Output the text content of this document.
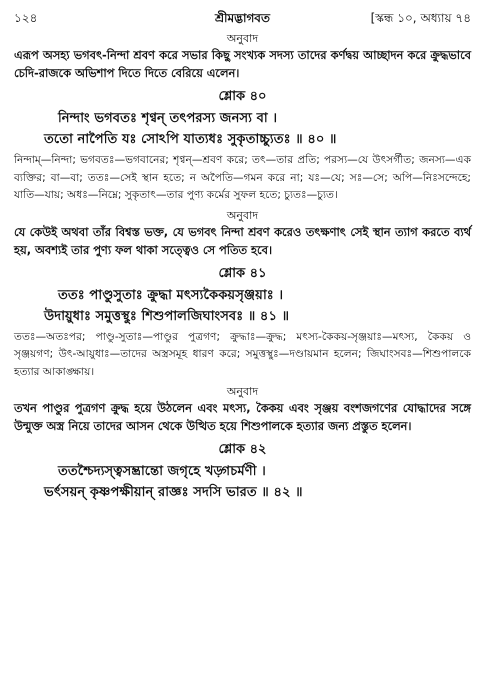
১২৪	শ্রীমদ্ভাগবত	[স্কন্ধ ১০, অধ্যায় ৭৪

অনুবাদ

এরূপ অসহ্য ভগবৎ-নিন্দা শ্রবণ করে সভার কিছু সংখ্যক সদস্য তাদের কর্ণদ্বয় আচ্ছাদন করে ক্রুদ্ধভাবে চেদি-রাজকে অভিশাপ দিতে দিতে বেরিয়ে এলেন।

শ্লোক ৪০

নিন্দাং ভগবতঃ শৃণ্বন্ তৎপরস্য জনস্য বা ।

ততো নাপৈতি যঃ সোঽপি যাত্যধঃ সুকৃতাচ্চ্যুতঃ ॥ ৪০ ॥

নিন্দাম্—নিন্দা; ভগবতঃ—ভগবানের; শৃণ্বন্—শ্রবণ করে; তৎ—তার প্রতি; পরস্য—যে উৎসর্গীত; জনস্য—এক ব্যক্তির; বা—বা; ততঃ—সেই স্থান হতে; ন অপৈতি—গমন করে না; যঃ—যে; সঃ—সে; অপি—নিঃসন্দেহে; যাতি—যায়; অধঃ—নিম্নে; সুকৃতাৎ—তার পুণ্য কর্মের সুফল হতে; চ্যুতঃ—চ্যুত।

অনুবাদ

যে কেউই অথবা তাঁর বিশ্বস্ত ভক্ত, যে ভগবৎ নিন্দা শ্রবণ করেও তৎক্ষণাৎ সেই স্থান ত্যাগ করতে ব্যর্থ হয়, অবশ্যই তার পুণ্য ফল থাকা সত্ত্বেও সে পতিত হবে।

শ্লোক ৪১

ততঃ পাণ্ডুসুতাঃ ক্রুদ্ধা মৎস্যকৈকয়সৃঞ্জয়াঃ ।

উদায়ুধাঃ সমুত্তস্থুঃ শিশুপালজিঘাংসবঃ ॥ ৪১ ॥

ততঃ—অতঃপর; পাণ্ডু-সুতাঃ—পাণ্ডুর পুত্রগণ; ক্রুদ্ধাঃ—ক্রুদ্ধ; মৎস্য-কৈকয়-সৃঞ্জয়াঃ—মৎস্য, কৈকয় ও সৃঞ্জয়গণ; উৎ-আয়ুধাঃ—তাদের অস্ত্রসমূহ ধারণ করে; সমুত্তস্থুঃ—দণ্ডায়মান হলেন; জিঘাংসবঃ—শিশুপালকে হত্যার আকাঙ্ক্ষায়।

অনুবাদ

তখন পাণ্ডুর পুত্রগণ ক্রুদ্ধ হয়ে উঠলেন এবং মৎস্য, কৈকয় এবং সৃঞ্জয় বংশজগণের যোদ্ধাদের সঙ্গে উন্মুক্ত অস্ত্র নিয়ে তাদের আসন থেকে উত্থিত হয়ে শিশুপালকে হত্যার জন্য প্রস্তুত হলেন।

শ্লোক ৪২

ততশ্চৈদ্যস্ত্বসম্ভ্রান্তো জগৃহে খড়্গচর্মণী ।

ভর্ৎসয়ন্ কৃষ্ণপক্ষীয়ান্ রাজ্ঞঃ সদসি ভারত ॥ ৪২ ॥
